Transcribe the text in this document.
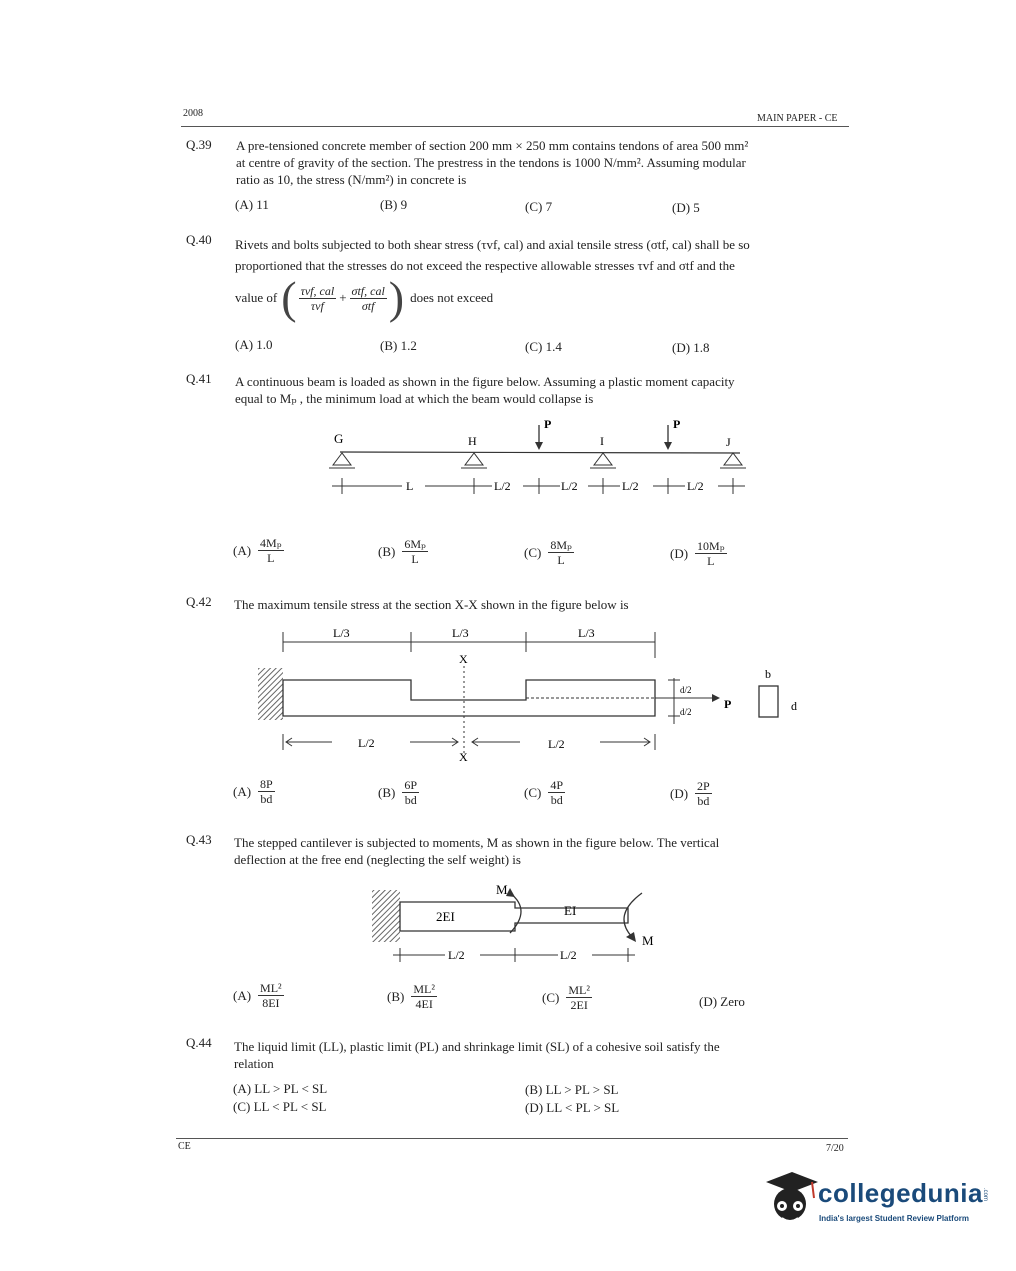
2008	MAIN PAPER - CE
Q.39 A pre-tensioned concrete member of section 200 mm × 250 mm contains tendons of area 500 mm²
at centre of gravity of the section. The prestress in the tendons is 1000 N/mm². Assuming modular
ratio as 10, the stress (N/mm²) in concrete is
(A) 11	(B) 9	(C) 7	(D) 5
Q.40 Rivets and bolts subjected to both shear stress (τvf, cal) and axial tensile stress (σtf, cal) shall be so
proportioned that the stresses do not exceed the respective allowable stresses τvf and σtf and the
value of ( $\frac{\text{τvf, cal}}{\text{τvf}} + \frac{\text{σtf, cal}}{\text{σtf}}$ ) does not exceed
(A) 1.0	(B) 1.2	(C) 1.4	(D) 1.8
Q.41 A continuous beam is loaded as shown in the figure below. Assuming a plastic moment capacity
equal to Mₚ , the minimum load at which the beam would collapse is
G	H	I	J
P	P
L	L/2	L/2	L/2	L/2
$(A) \frac{\text{4Mₚ}}{L}$	$(B) \frac{\text{6Mₚ}}{L}$	$(C) \frac{\text{8Mₚ}}{L}$	$(D) \frac{\text{10Mₚ}}{L}$
Q.42 The maximum tensile stress at the section X-X shown in the figure below is
L/3	L/3	L/3
X
X
P
d/2
d/2
b
d
L/2	L/2
$(A) \frac{8P}{bd}$	$(B) \frac{6P}{bd}$	$(C) \frac{4P}{bd}$	$(D) \frac{2P}{bd}$
Q.43 The stepped cantilever is subjected to moments, M as shown in the figure below. The vertical
deflection at the free end (neglecting the self weight) is
2EI	EI
M
M
L/2	L/2
$(A) \frac{\text{ML²}}{8EI}$	$(B) \frac{\text{ML²}}{4EI}$	$(C) \frac{\text{ML²}}{2EI}$	(D) Zero
Q.44 The liquid limit (LL), plastic limit (PL) and shrinkage limit (SL) of a cohesive soil satisfy the
relation
(A) LL > PL < SL	(B) LL > PL > SL
(C) LL < PL < SL	(D) LL < PL > SL
CE	7/20
collegedunia .com
India's largest Student Review Platform
